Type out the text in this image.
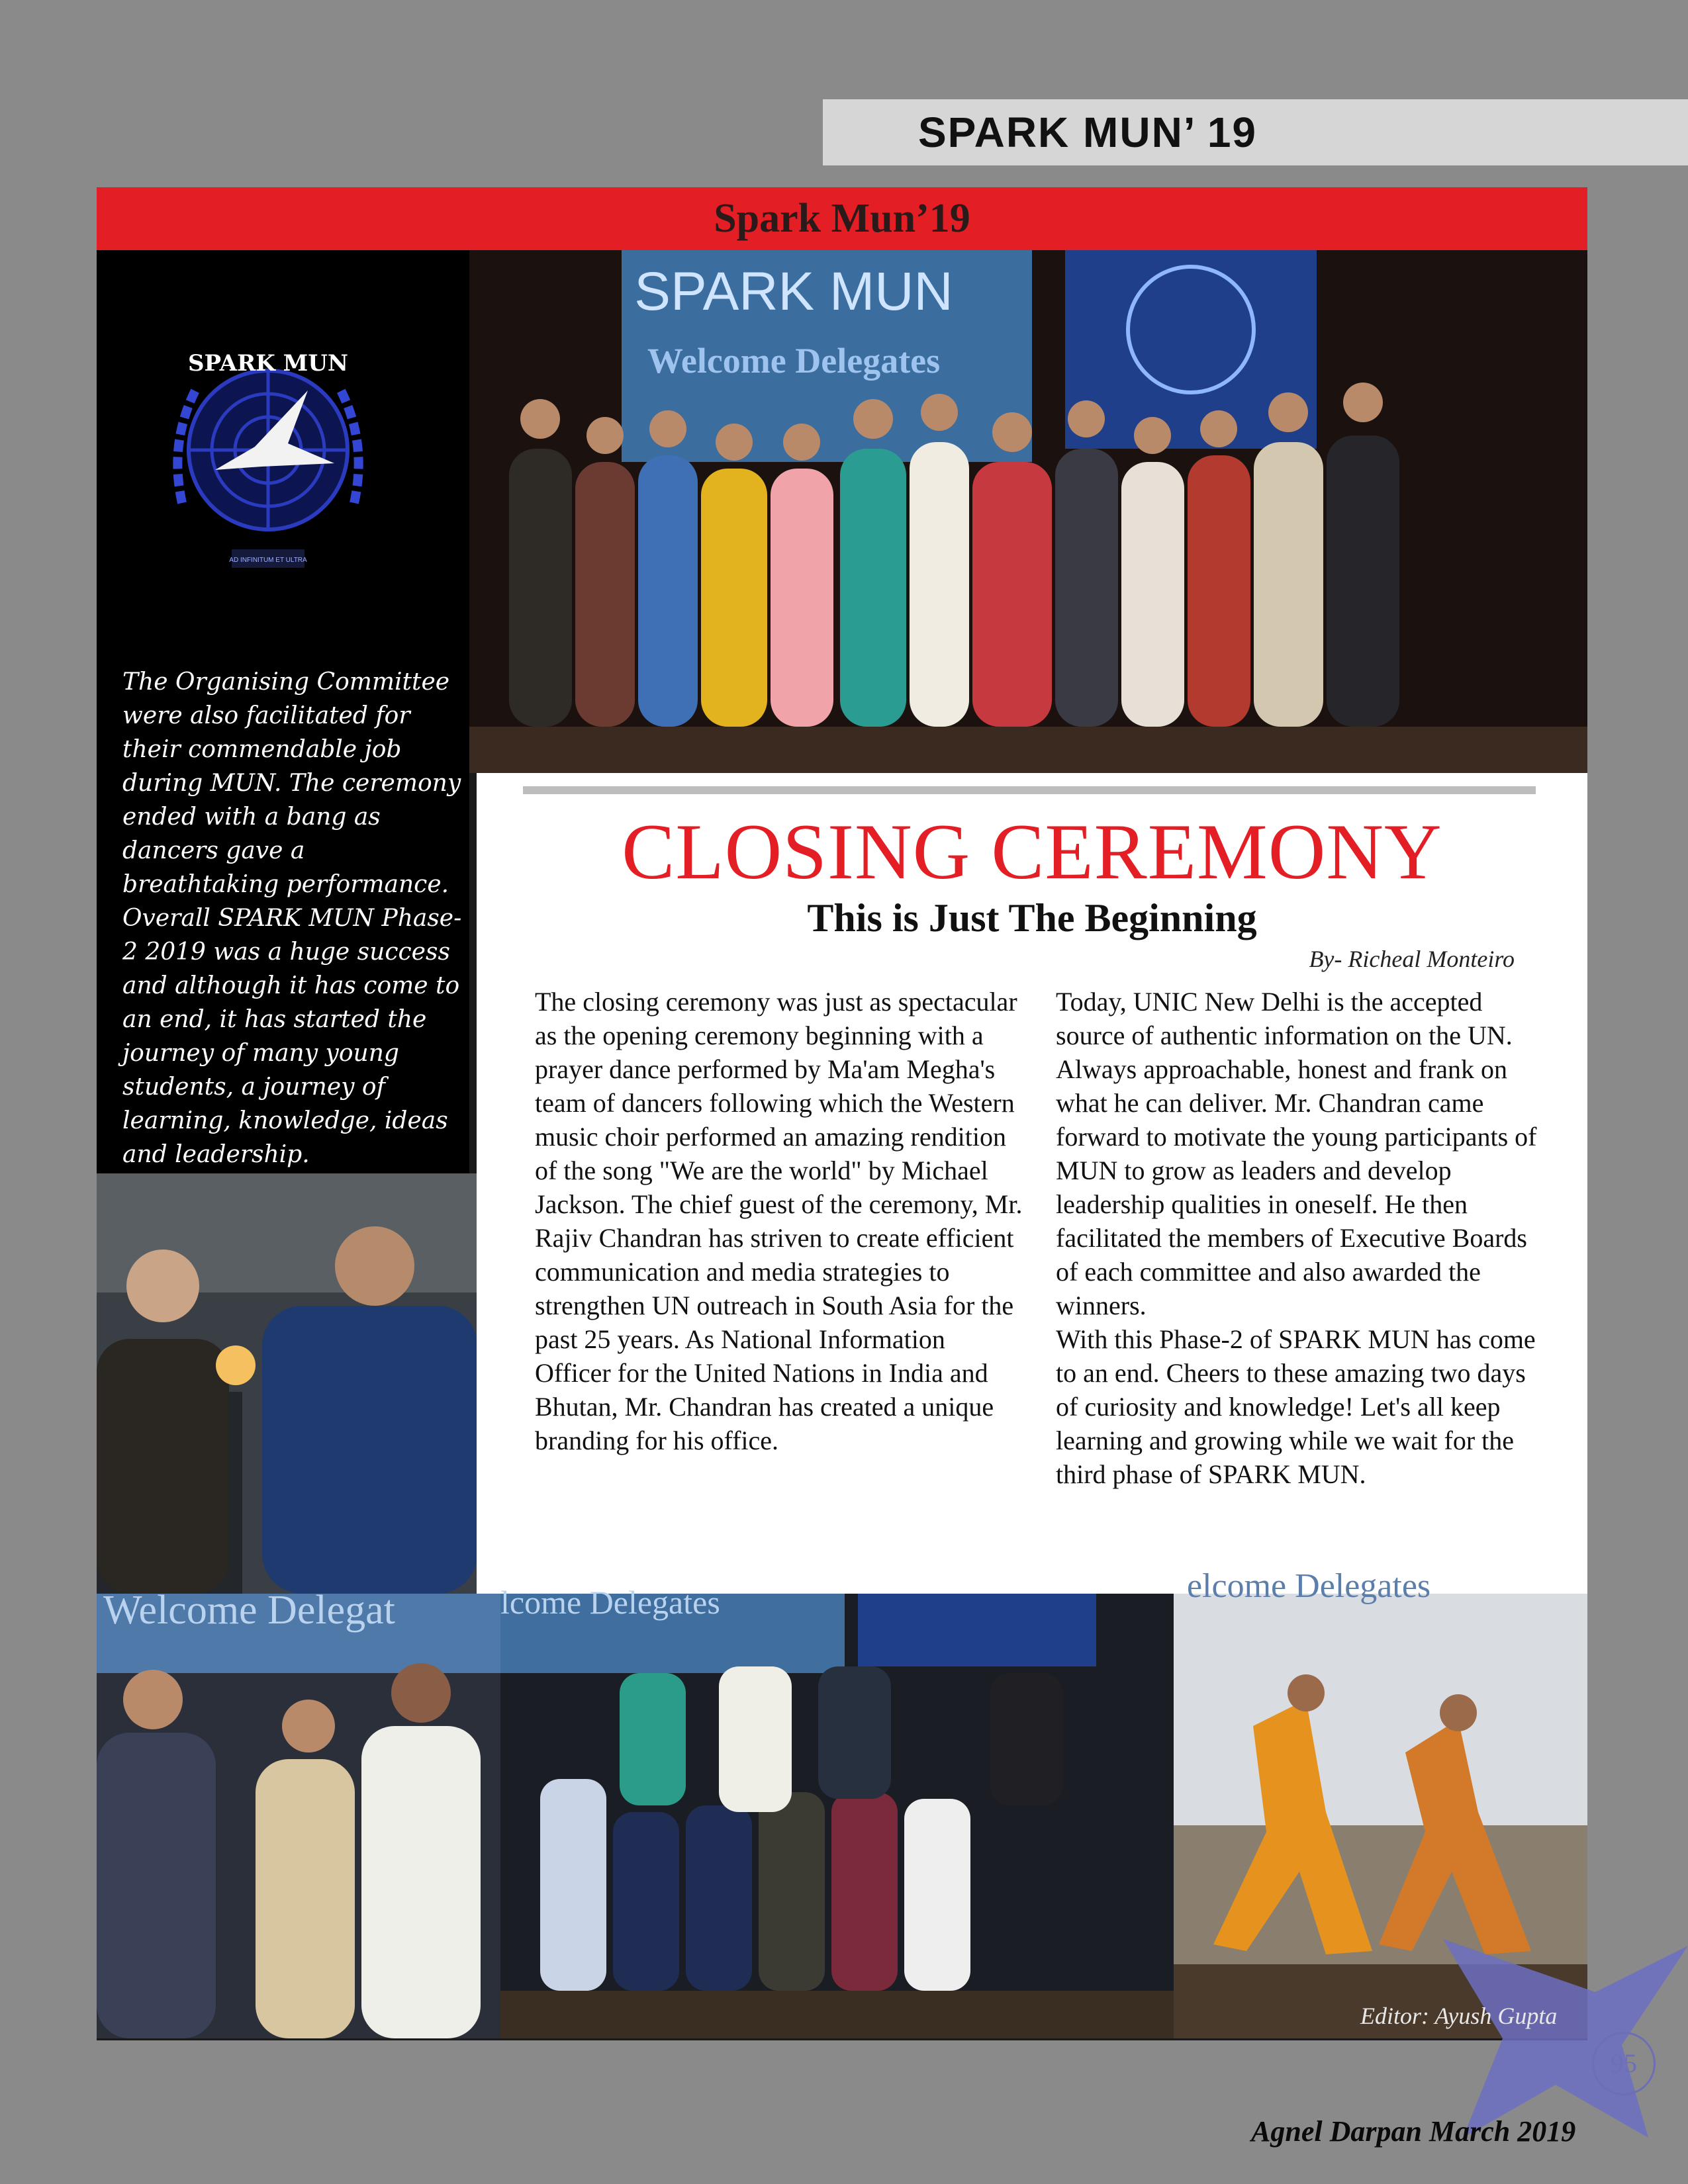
SPARK MUN’ 19
Spark Mun’19
SPARK MUN
AD INFINITUM ET ULTRA
The Organising Committee were also facilitated for their commendable job during MUN. The ceremony ended with a bang as dancers gave a breathtaking performance. Overall SPARK MUN Phase-2 2019 was a huge success and although it has come to an end, it has started the journey of many young students, a journey of learning, knowledge, ideas and leadership.
SPARK MUN
Welcome Delegates
CLOSING CEREMONY
This is Just The Beginning
By- Richeal Monteiro

The closing ceremony was just as spectacular as the opening ceremony beginning with a prayer dance performed by Ma'am Megha's team of dancers following which the Western music choir performed an amazing rendition of the song "We are the world" by Michael Jackson. The chief guest of the ceremony, Mr. Rajiv Chandran has striven to create efficient communication and media strategies to strengthen UN outreach in South Asia for the past 25 years. As National Information Officer for the United Nations in India and Bhutan, Mr. Chandran has created a unique branding for his office.

Today, UNIC New Delhi is the accepted source of authentic information on the UN. Always approachable, honest and frank on what he can deliver. Mr. Chandran came forward to motivate the young participants of MUN to grow as leaders and develop leadership qualities in oneself. He then facilitated the members of Executive Boards of each committee and also awarded the winners.

With this Phase-2 of SPARK MUN has come to an end. Cheers to these amazing two days of curiosity and knowledge! Let's all keep learning and growing while we wait for the third phase of SPARK MUN.

Welcome Delegat	lcome Delegates	elcome Delegates
Editor: Ayush Gupta
95
Agnel Darpan March 2019
